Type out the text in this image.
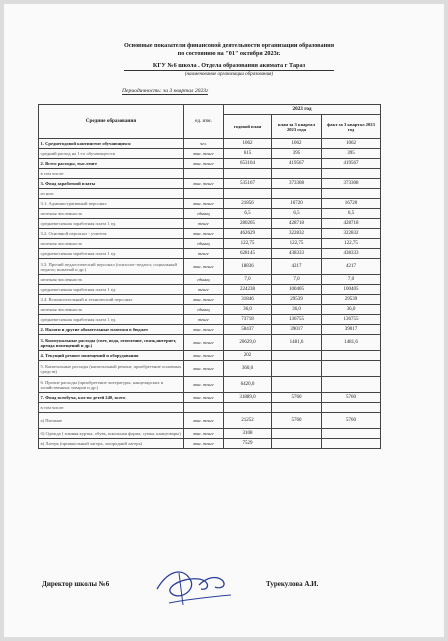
Основные показатели финансовой деятельности организации образования
по состоянию на "01" октября 2023г.
КГУ №6 школа . Отдела образования акимата г Тараз
(наименование организации образования)
Периодичность: за 3 квартал 2023г
Средние образования	ед. изм.	2023 год		
		годовой план	план за 3 квартал 2023 года	факт за 3 квартал 2023 год
1. Среднегодовой контингент обучающихся	чел.	1062	1062	1062
средний расход на 1-го обучающегося	тыс. тенге	615	395	395
2. Всего расходы, тыс.тенге	тыс. тенге	653104	419567	419567
в том числе:				
3. Фонд заработной платы	тыс. тенге	535167	373308	373308
из них:				
3.1. Административный персонал	тыс. тенге	21856	16720	16720
штатная численность	единиц	6,5	6,5	6,5
среднемесячная заработная плата 1 ед.	тенге	280205	428718	428718
3.2. Основной персонал - учителя	тыс. тенге	462629	322832	322832
штатная численность	единиц	122,75	122,75	122,75
среднемесячная заработная плата 1 ед.	тенге	628145	438333	438333
3.3. Прочий педагогический персонал (психолог-педагог, социальный педагог, вожатый и др.)	тыс. тенге	18836	4217	4217
штатная численность	единиц	7,0	7,0	7,0
среднемесячная заработная плата 1 ед.	тенге	224238	100405	100405
3.4. Вспомогательный и технический персонал	тыс. тенге	31846	29539	29539
штатная численность	единиц	36,0	36,0	36,0
среднемесячная заработная плата 1 ед.	тенге	73718	136755	136755
2. Налоги и другие обязательные платежи в бюджет	тыс. тенге	58437	39017	39017
3. Коммунальные расходы (свет, вода, отопление, связь,интернет, аренда помещений и др.)	тыс. тенге	20629,0	1481,6	1481,6
4. Текущий ремонт помещений и оборудования	тыс. тенге	202		
5. Капитальные расходы (капитальный ремонт, приобретение основных средств)	тыс. тенге	360,0		
6. Прочие расходы (приобретение литературы, канцелярских и хозяйственных товаров и др.)	тыс. тенге	6420,0		
7. Фонд всеобуча, кол-во детей 240, всего	тыс. тенге	31889,0	5760	5760
в том числе:				
а) Питание	тыс. тенге	21252	5760	5760
б) Одежда ( зимняя куртка, обувь, школьная форма, сумка, канцтовары)	тыс. тенге	3108		
в) Лагерь (пришкольный лагерь, загородний лагерь)	тыс. тенге	7529		
Директор школы №6	Турекулова А.И.
